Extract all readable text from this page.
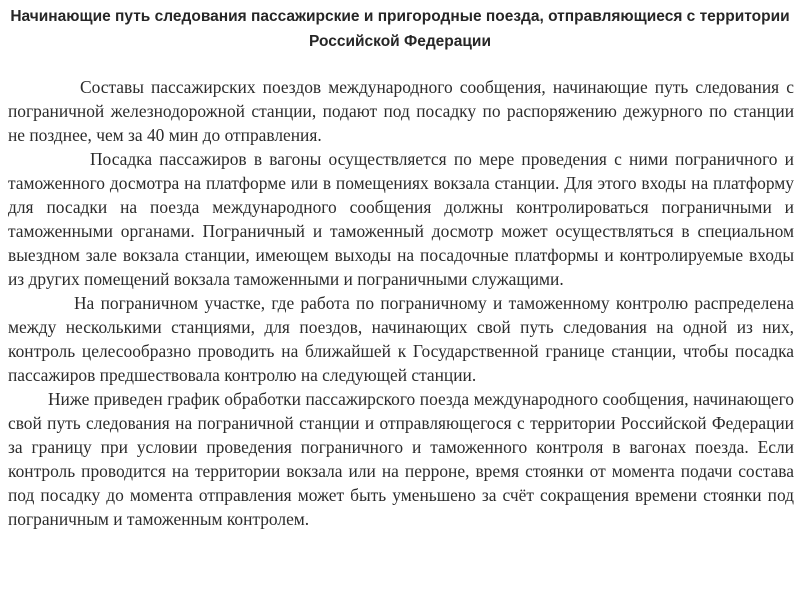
Начинающие путь следования пассажирские и пригородные поезда, отправляющиеся с территории Российской Федерации

Составы пассажирских поездов международного сообщения, начинающие путь следования с пограничной железнодорожной станции, подают под посадку по распоряжению дежурного по станции не позднее, чем за 40 мин до отправления.

Посадка пассажиров в вагоны осуществляется по мере проведения с ними пограничного и таможенного досмотра на платформе или в помещениях вокзала станции. Для этого входы на платформу для посадки на поезда международного сообщения должны контролироваться пограничными и таможенными органами. Пограничный и таможенный досмотр может осуществляться в специальном выездном зале вокзала станции, имеющем выходы на посадочные платформы и контролируемые входы из других помещений вокзала таможенными и пограничными служащими.

На пограничном участке, где работа по пограничному и таможенному контролю распределена между несколькими станциями, для поездов, начинающих свой путь следования на одной из них, контроль целесообразно проводить на ближайшей к Государственной границе станции, чтобы посадка пассажиров предшествовала контролю на следующей станции.

Ниже приведен график обработки пассажирского поезда международного сообщения, начинающего свой путь следования на пограничной станции и отправляющегося с территории Российской Федерации за границу при условии проведения пограничного и таможенного контроля в вагонах поезда. Если контроль проводится на территории вокзала или на перроне, время стоянки от момента подачи состава под посадку до момента отправления может быть уменьшено за счёт сокращения времени стоянки под пограничным и таможенным контролем.
